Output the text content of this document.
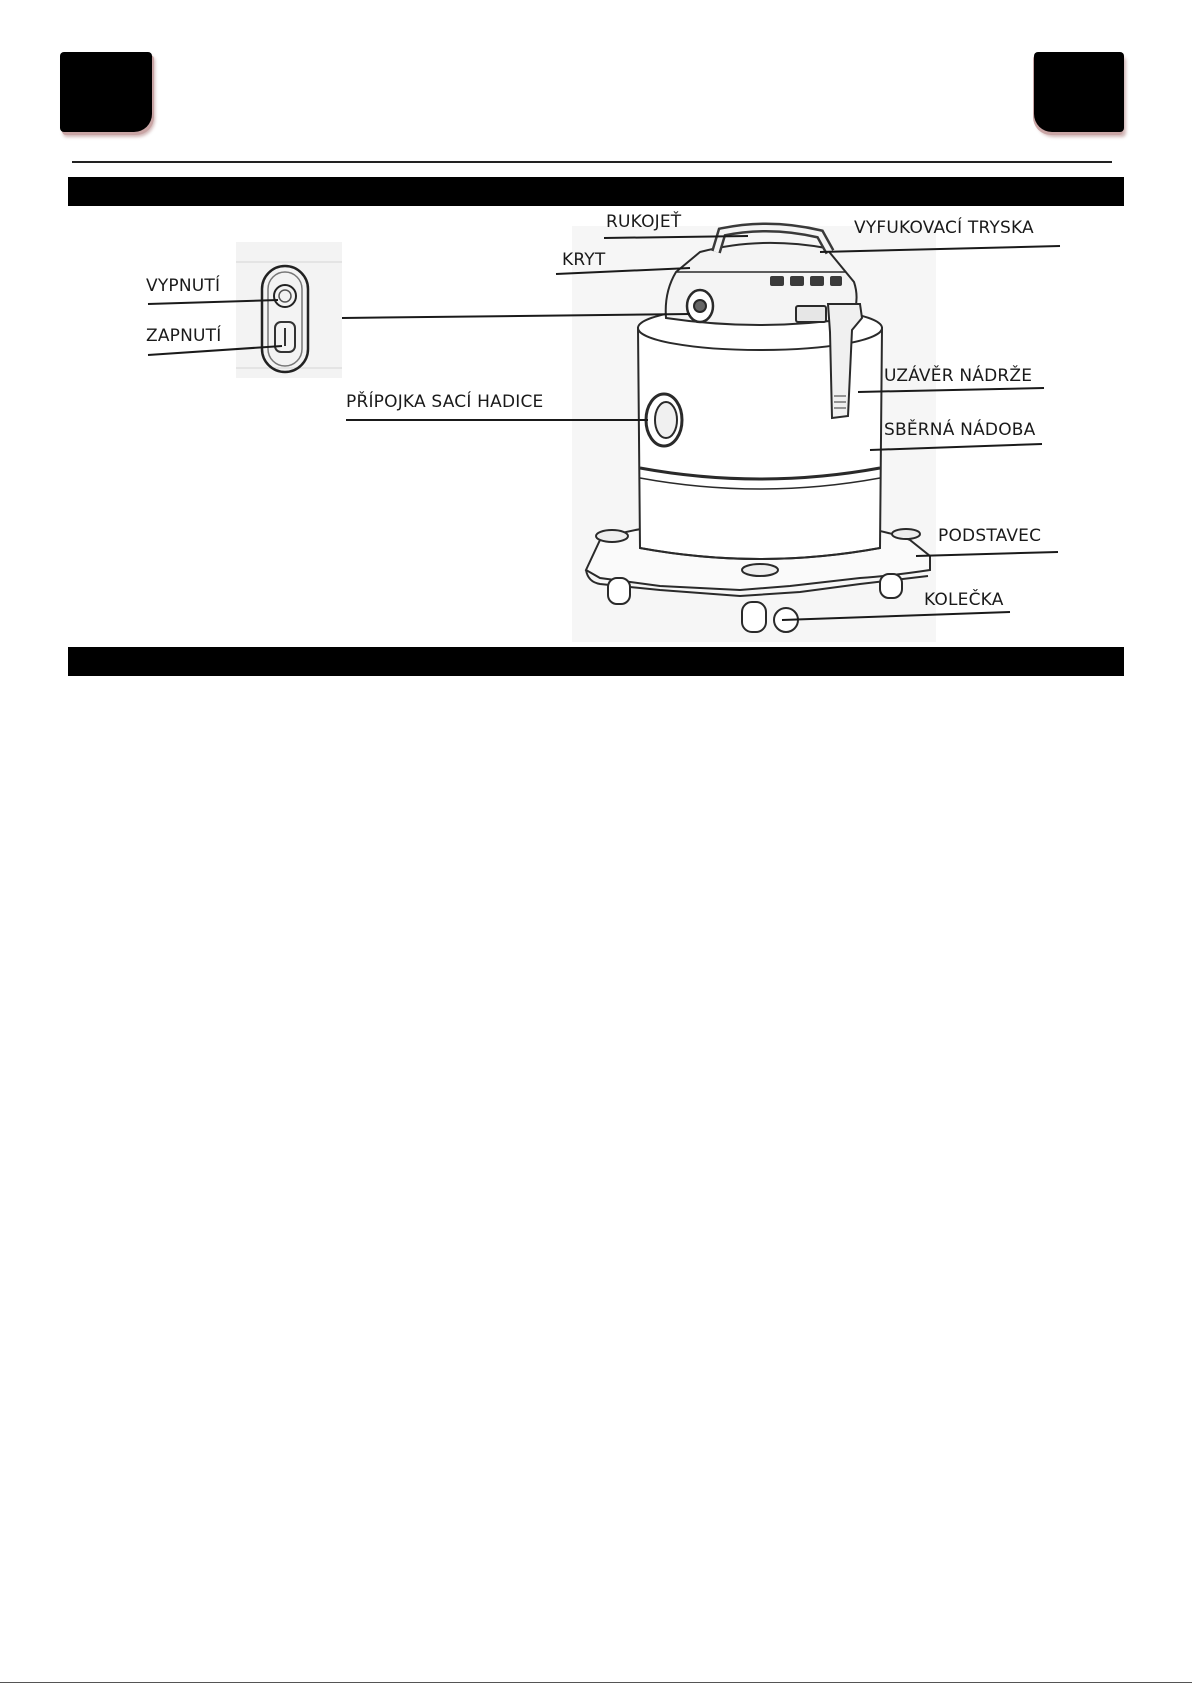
VYPNUTÍ
ZAPNUTÍ
RUKOJEŤ
KRYT
VYFUKOVACÍ TRYSKA
PŘÍPOJKA SACÍ HADICE
UZÁVĚR NÁDRŽE
SBĚRNÁ NÁDOBA
PODSTAVEC
KOLEČKA
